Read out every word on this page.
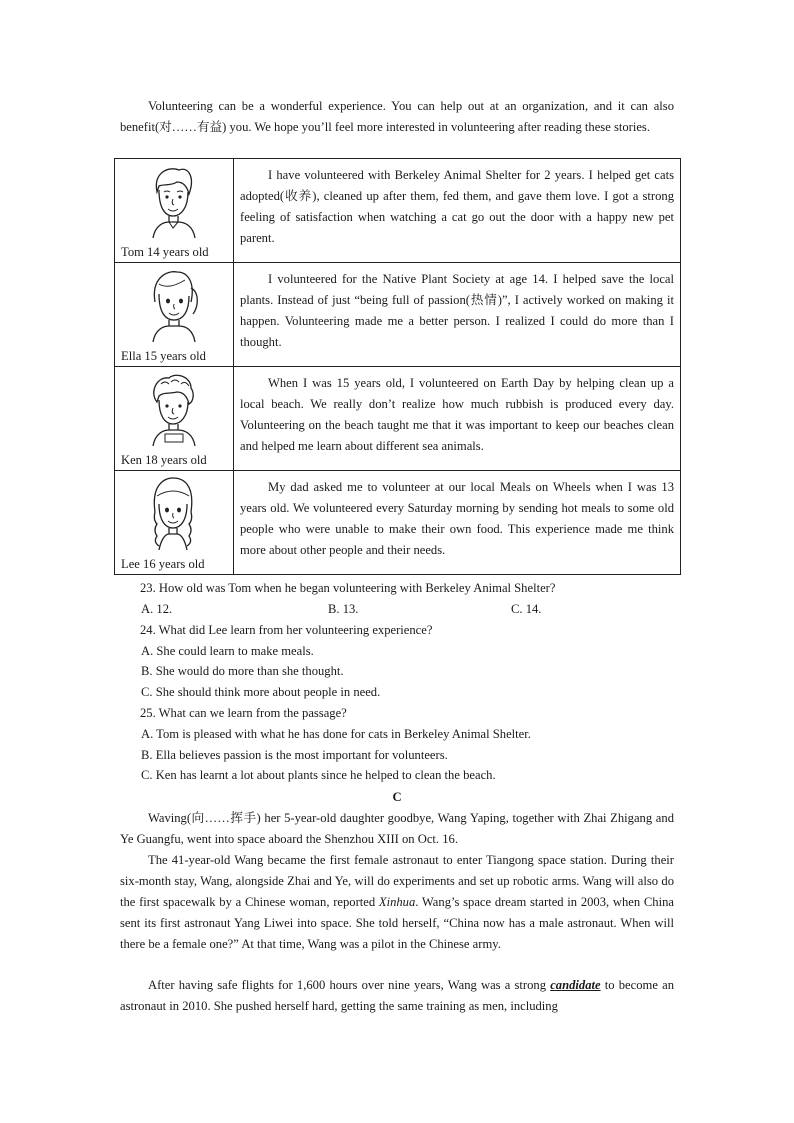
Volunteering can be a wonderful experience. You can help out at an organization, and it can also benefit(对……有益) you. We hope you’ll feel more interested in volunteering after reading these stories.

Tom 14 years old	I have volunteered with Berkeley Animal Shelter for 2 years. I helped get cats adopted(收养), cleaned up after them, fed them, and gave them love. I got a strong feeling of satisfaction when watching a cat go out the door with a happy new pet parent.

Ella 15 years old	I volunteered for the Native Plant Society at age 14. I helped save the local plants. Instead of just “being full of passion(热情)”, I actively worked on making it happen. Volunteering made me a better person. I realized I could do more than I thought.

Ken 18 years old	When I was 15 years old, I volunteered on Earth Day by helping clean up a local beach. We really don’t realize how much rubbish is produced every day. Volunteering on the beach taught me that it was important to keep our beaches clean and helped me learn about different sea animals.

Lee 16 years old	My dad asked me to volunteer at our local Meals on Wheels when I was 13 years old. We volunteered every Saturday morning by sending hot meals to some old people who were unable to make their own food. This experience made me think more about other people and their needs.

23. How old was Tom when he began volunteering with Berkeley Animal Shelter?

A. 12.	B. 13.	C. 14.

24. What did Lee learn from her volunteering experience?

A. She could learn to make meals.

B. She would do more than she thought.

C. She should think more about people in need.

25. What can we learn from the passage?

A. Tom is pleased with what he has done for cats in Berkeley Animal Shelter.

B. Ella believes passion is the most important for volunteers.

C. Ken has learnt a lot about plants since he helped to clean the beach.

C

Waving(向……挥手) her 5-year-old daughter goodbye, Wang Yaping, together with Zhai Zhigang and Ye Guangfu, went into space aboard the Shenzhou XIII on Oct. 16.

The 41-year-old Wang became the first female astronaut to enter Tiangong space station. During their six-month stay, Wang, alongside Zhai and Ye, will do experiments and set up robotic arms. Wang will also do the first spacewalk by a Chinese woman, reported Xinhua. Wang’s space dream started in 2003, when China sent its first astronaut Yang Liwei into space. She told herself, “China now has a male astronaut. When will there be a female one?” At that time, Wang was a pilot in the Chinese army.

After having safe flights for 1,600 hours over nine years, Wang was a strong candidate to become an astronaut in 2010. She pushed herself hard, getting the same training as men, including
